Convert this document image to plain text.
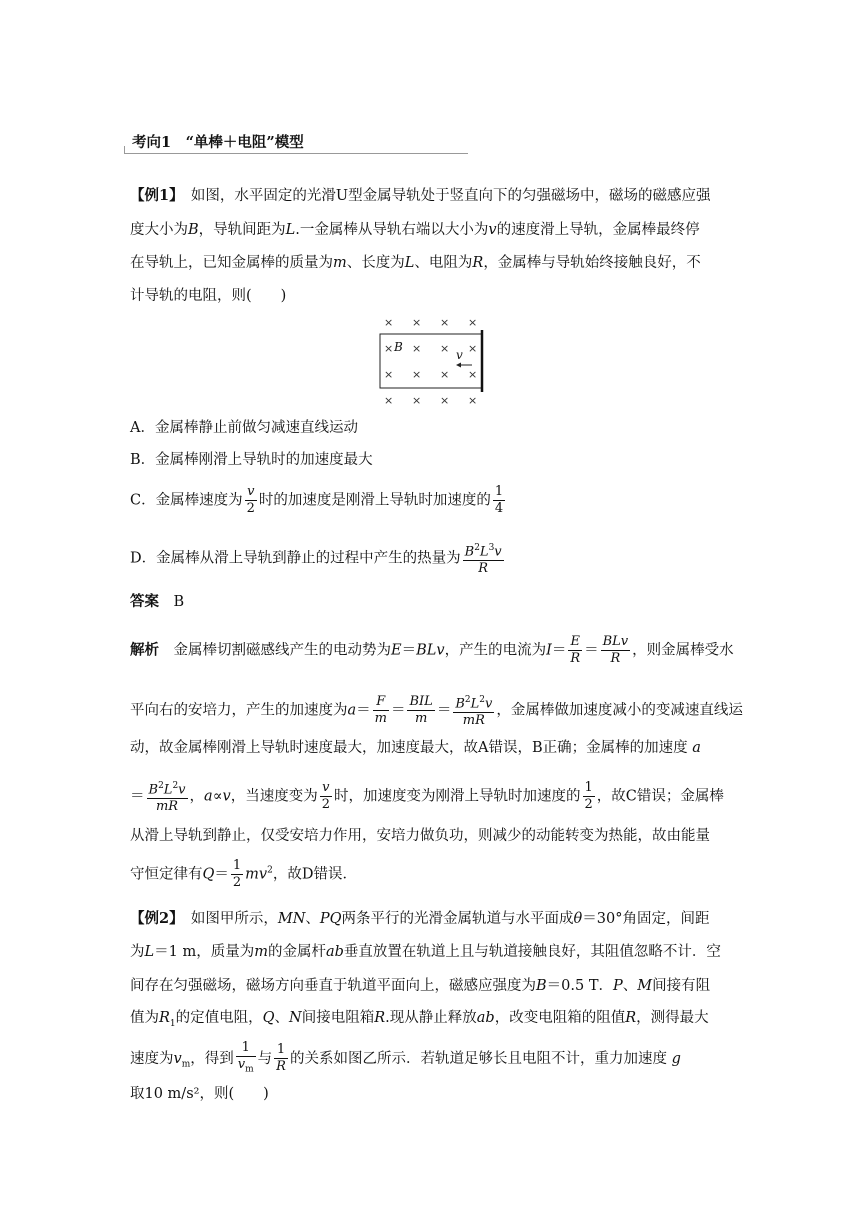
考向1　“单棒＋电阻”模型
【例1】　 如图，水平固定的光滑U型金属导轨处于竖直向下的匀强磁场中，磁场的磁感应强
度大小为B，导轨间距为L.一金属棒从导轨右端以大小为v的速度滑上导轨，金属棒最终停
在导轨上，已知金属棒的质量为m、长度为L、电阻为R，金属棒与导轨始终接触良好，不
计导轨的电阻，则(　　)
× × × ×
× B × × ×
v
× × × ×
× × × ×
A．金属棒静止前做匀减速直线运动
B．金属棒刚滑上导轨时的加速度最大
C．金属棒速度为 $\frac{v}{2}$ 时的加速度是刚滑上导轨时加速度的 $\frac{1}{4}$
D．金属棒从滑上导轨到静止的过程中产生的热量为 $\frac{B^2L^3v}{R}$
答案　 B
解析　 金属棒切割磁感线产生的电动势为E＝BLv，产生的电流为$I= \frac{E}{R} = \frac{\text{BLv}}{R}$ ，则金属棒受水
平向右的安培力，产生的加速度为$a= \frac{F}{m} = \frac{\text{BIL}}{m} = \frac{B^2L^2v}{mR}$ ，金属棒做加速度减小的变减速直线运
动，故金属棒刚滑上导轨时速度最大，加速度最大，故A错误，B正确；金属棒的加速度 a
＝ $\frac{B^2L^2v}{mR}$ ，a∝v，当速度变为 $\frac{v}{2}$ 时，加速度变为刚滑上导轨时加速度的 $\frac{1}{2}$ ，故C错误；金属棒
从滑上导轨到静止，仅受安培力作用，安培力做负功，则减少的动能转变为热能，故由能量
守恒定律有$Q= \frac{1}{2} mv^2$，故D错误．
【例2】　 如图甲所示，MN、PQ两条平行的光滑金属轨道与水平面成θ＝30°角固定，间距
为L＝1 m，质量为m的金属杆ab垂直放置在轨道上且与轨道接触良好，其阻值忽略不计．空
间存在匀强磁场，磁场方向垂直于轨道平面向上，磁感应强度为B＝0.5 T．P、M间接有阻
值为$R_1$的定值电阻，Q、N间接电阻箱R.现从静止释放ab，改变电阻箱的阻值R，测得最大
速度为$v_m$，得到 $\frac{1}{v_m}$ 与 $\frac{1}{R}$ 的关系如图乙所示．若轨道足够长且电阻不计，重力加速度 g
取10 m/s²，则(　　)
